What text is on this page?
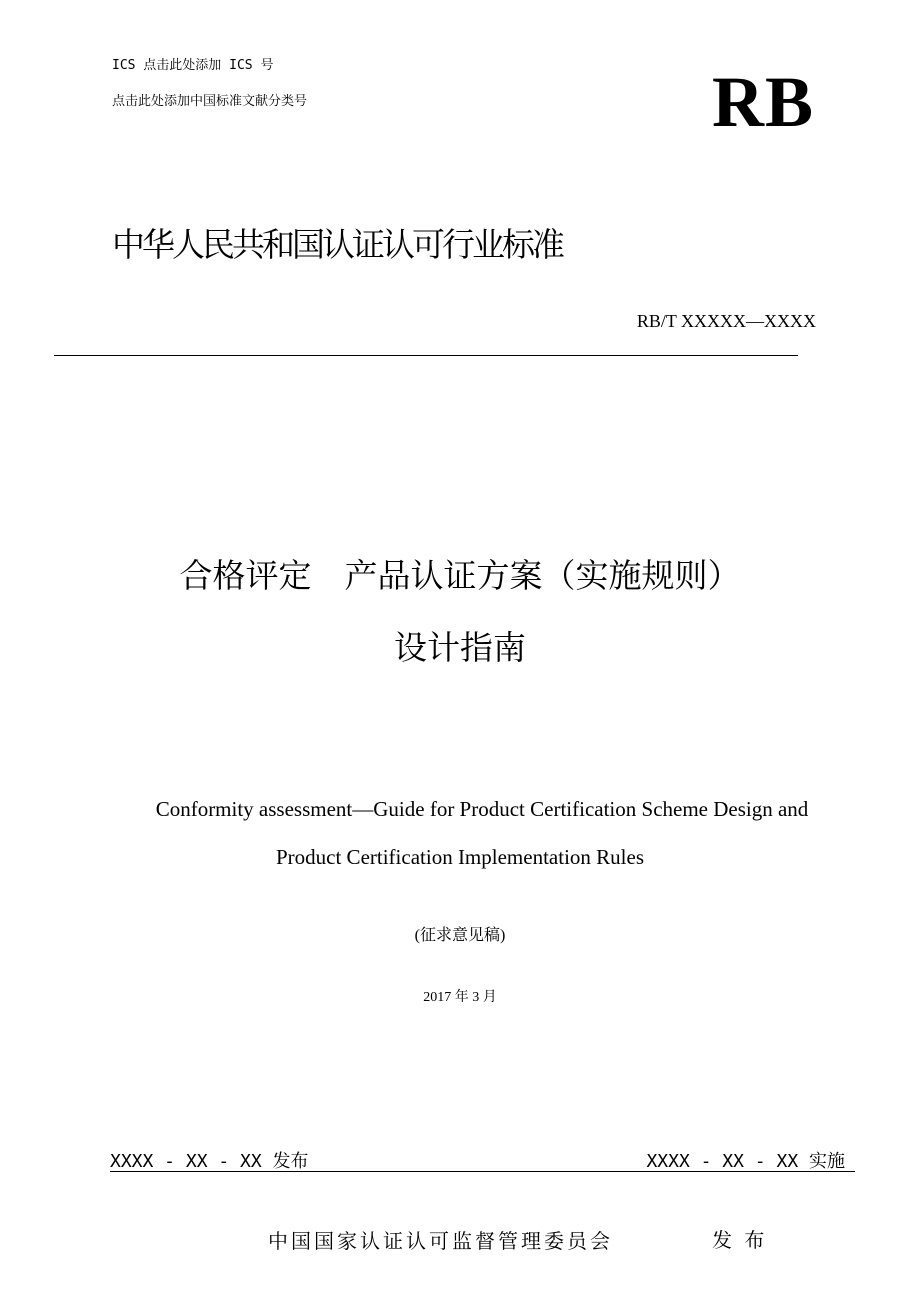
ICS 点击此处添加 ICS 号
点击此处添加中国标准文献分类号	RB
中华人民共和国认证认可行业标准
RB/T XXXXX—XXXX
合格评定　产品认证方案（实施规则）
设计指南
Conformity assessment—Guide for Product Certification Scheme Design and
Product Certification Implementation Rules
(征求意见稿)
2017 年 3 月
XXXX - XX - XX 发布	XXXX - XX - XX 实施
中国国家认证认可监督管理委员会	发 布
